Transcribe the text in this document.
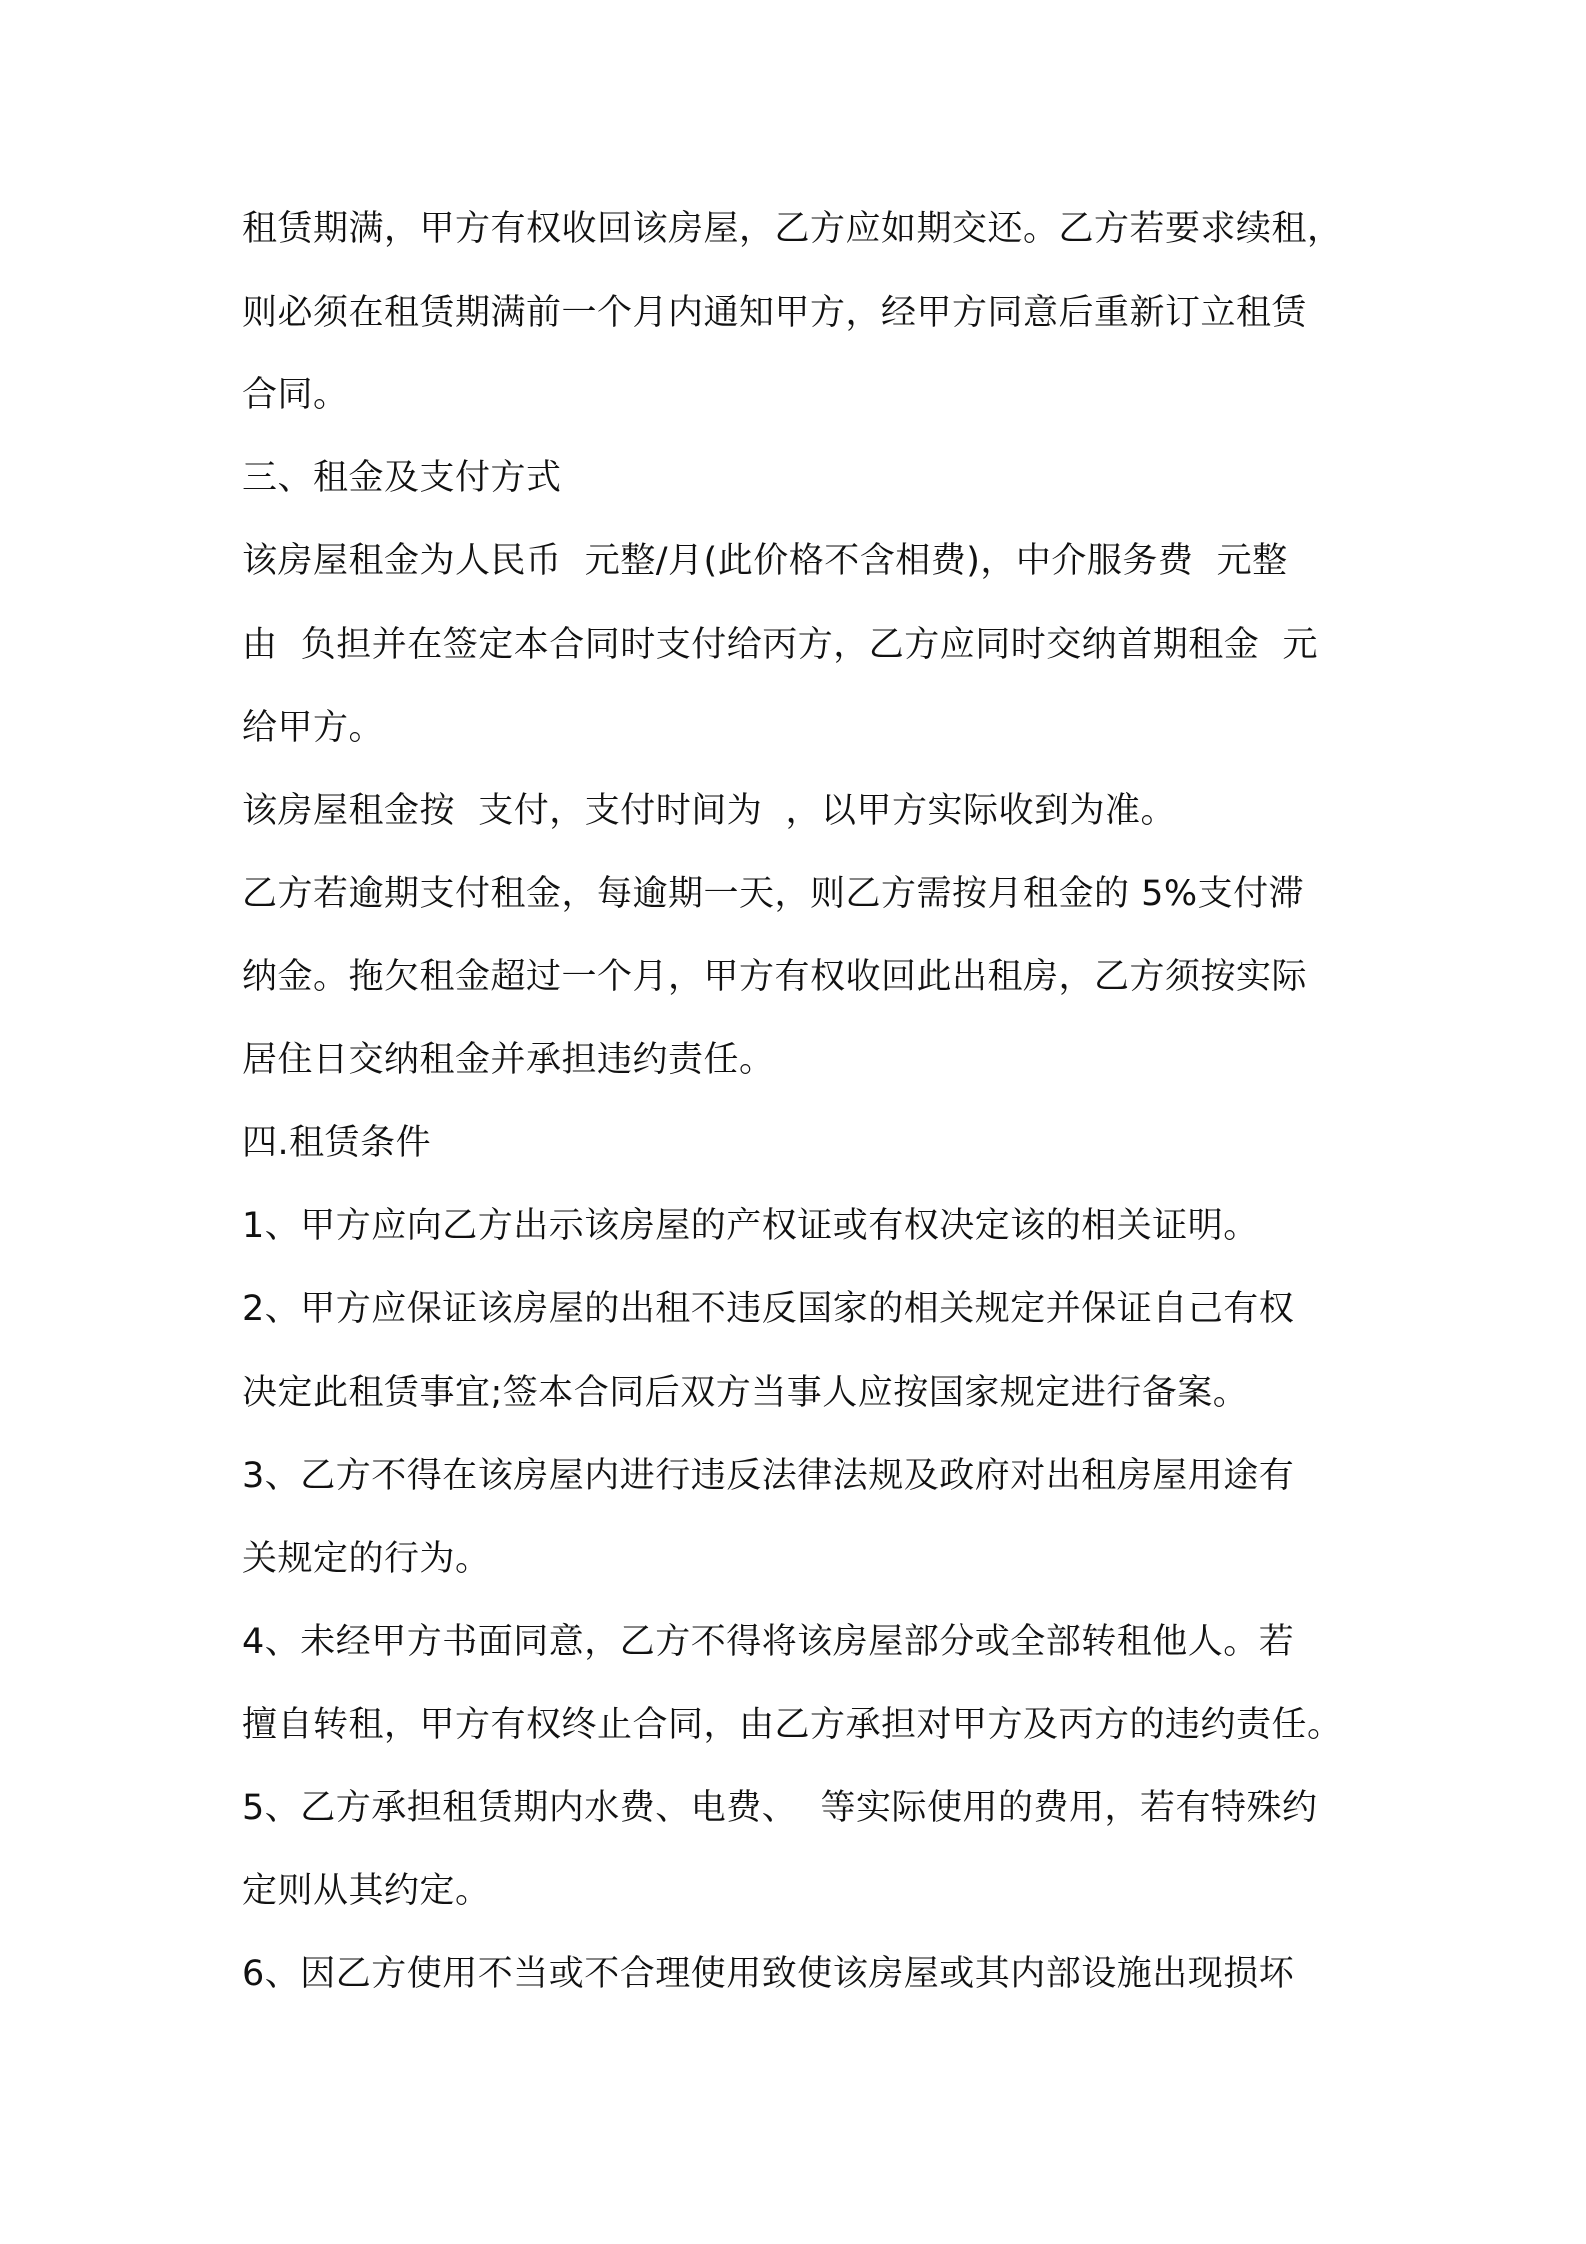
租赁期满，甲方有权收回该房屋，乙方应如期交还。乙方若要求续租，
则必须在租赁期满前一个月内通知甲方，经甲方同意后重新订立租赁
合同。
三、租金及支付方式
该房屋租金为人民币  元整/月(此价格不含相费)，中介服务费  元整
由  负担并在签定本合同时支付给丙方，乙方应同时交纳首期租金  元
给甲方。
该房屋租金按  支付，支付时间为  ，以甲方实际收到为准。
乙方若逾期支付租金，每逾期一天，则乙方需按月租金的 5%支付滞
纳金。拖欠租金超过一个月，甲方有权收回此出租房，乙方须按实际
居住日交纳租金并承担违约责任。
四.租赁条件
1、甲方应向乙方出示该房屋的产权证或有权决定该的相关证明。
2、甲方应保证该房屋的出租不违反国家的相关规定并保证自己有权
决定此租赁事宜;签本合同后双方当事人应按国家规定进行备案。
3、乙方不得在该房屋内进行违反法律法规及政府对出租房屋用途有
关规定的行为。
4、未经甲方书面同意，乙方不得将该房屋部分或全部转租他人。若
擅自转租，甲方有权终止合同，由乙方承担对甲方及丙方的违约责任。
5、乙方承担租赁期内水费、电费、  等实际使用的费用，若有特殊约
定则从其约定。
6、因乙方使用不当或不合理使用致使该房屋或其内部设施出现损坏
